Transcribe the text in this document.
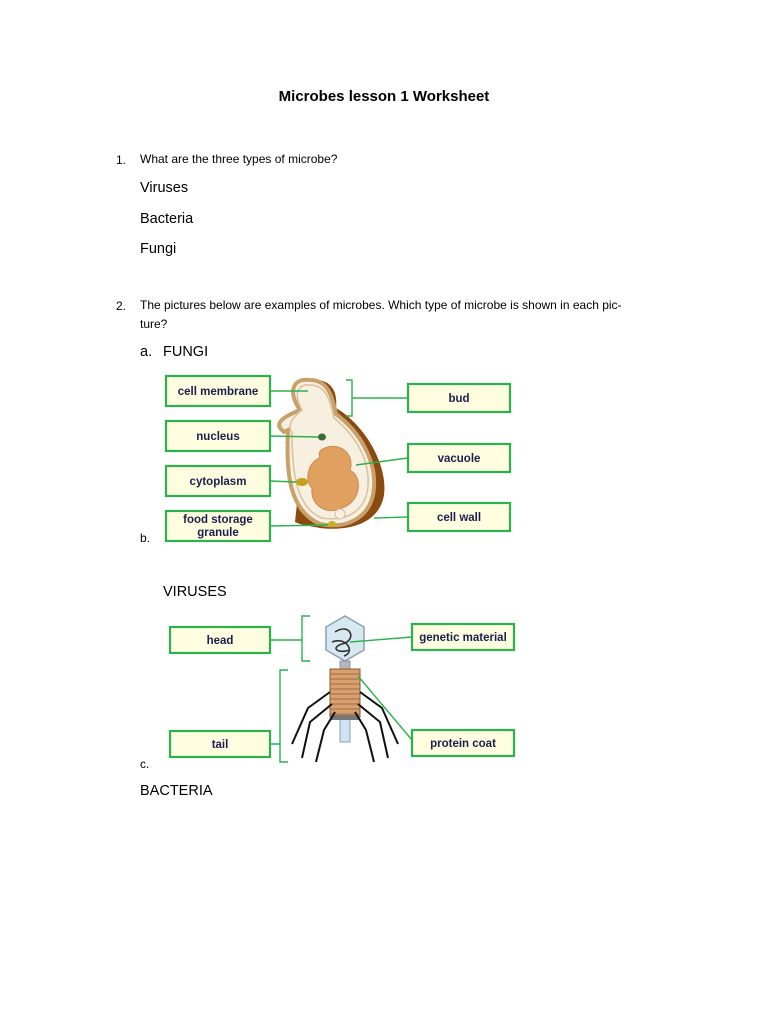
Microbes lesson 1 Worksheet
1. What are the three types of microbe?
Viruses
Bacteria
Fungi
2. The pictures below are examples of microbes. Which type of microbe is shown in each pic-
ture?
a. FUNGI
cell membrane
nucleus
cytoplasm
food storage
granule
bud
vacuole
cell wall
b.
VIRUSES
head
tail
genetic material
protein coat
c.
BACTERIA
